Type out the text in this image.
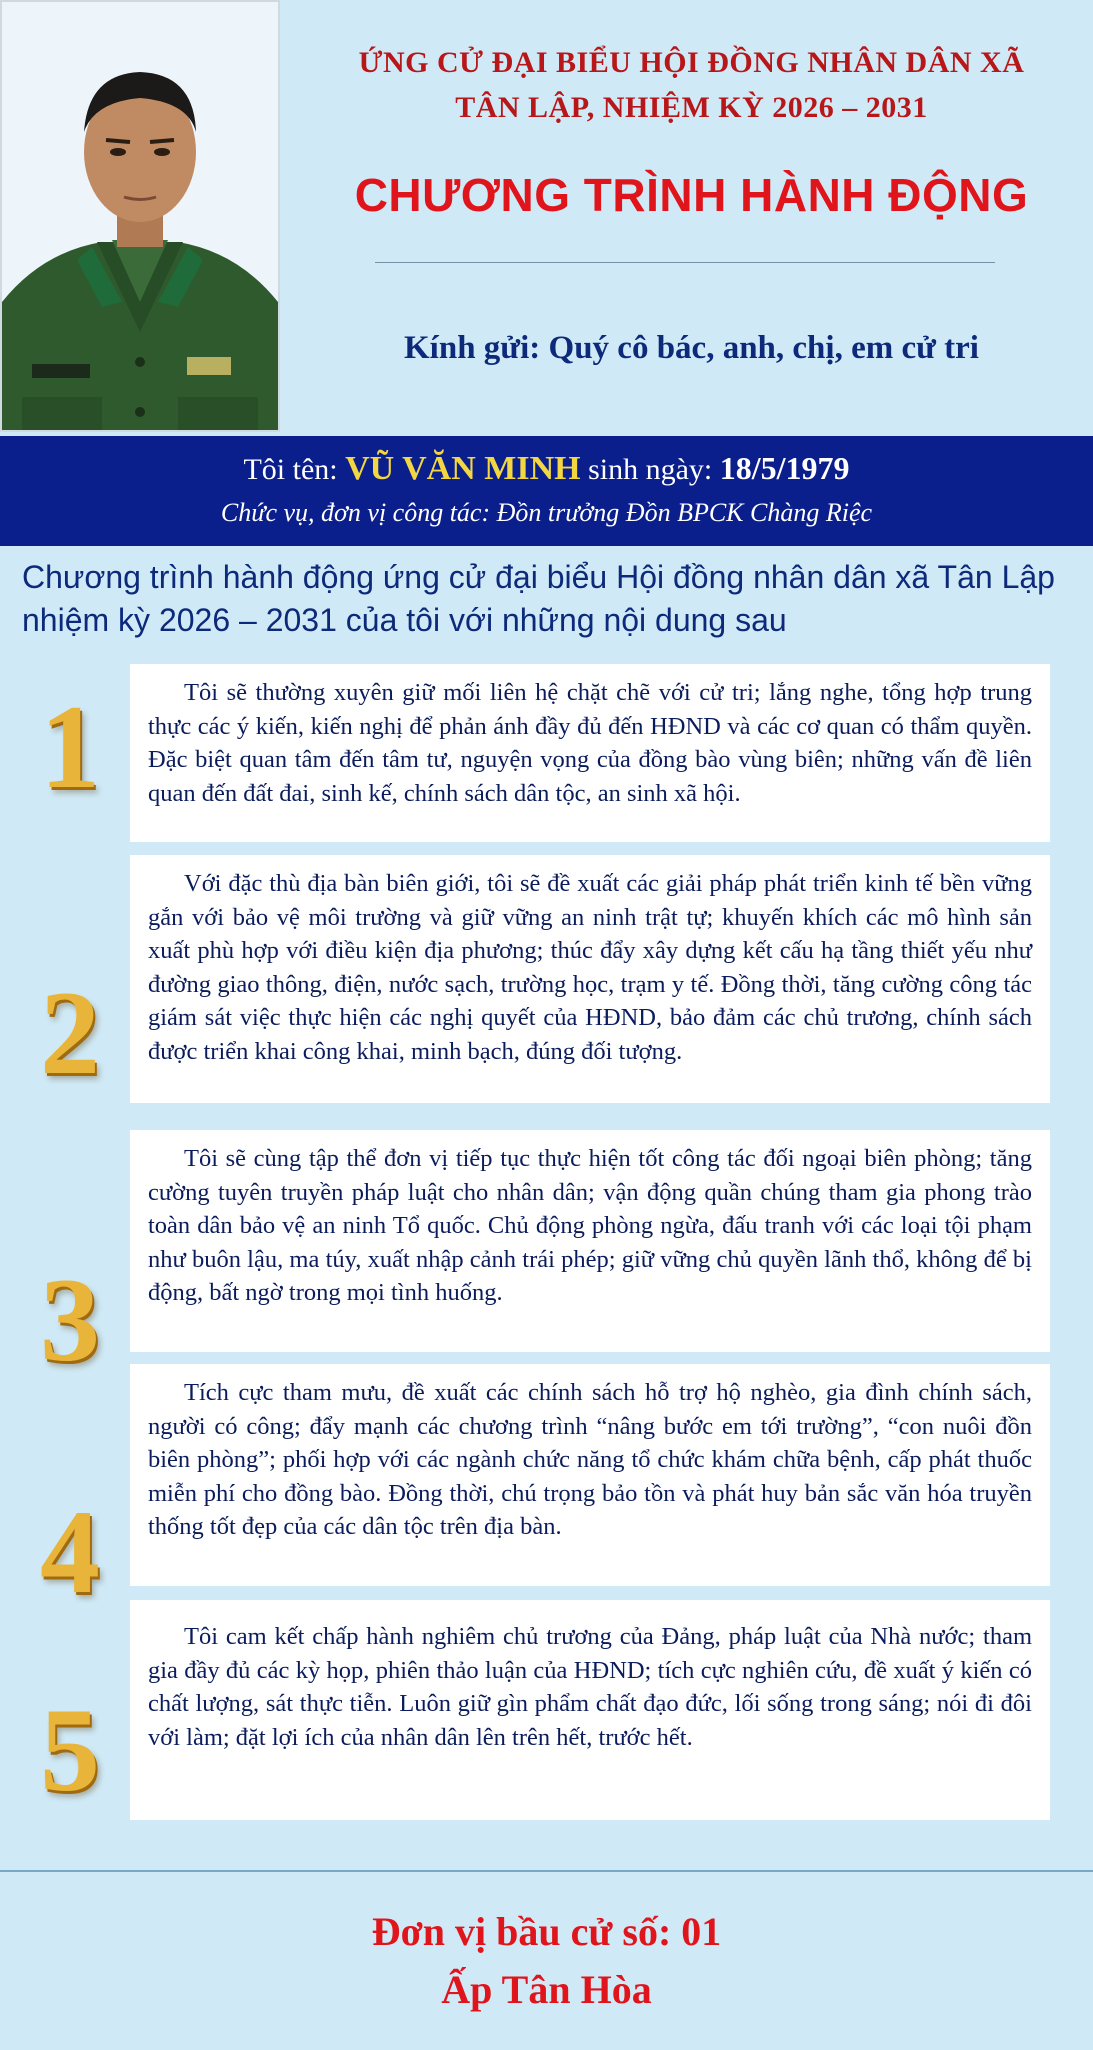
ỨNG CỬ ĐẠI BIỂU HỘI ĐỒNG NHÂN DÂN XÃ
TÂN LẬP, NHIỆM KỲ 2026 – 2031
CHƯƠNG TRÌNH HÀNH ĐỘNG
Kính gửi: Quý cô bác, anh, chị, em cử tri
Tôi tên: VŨ VĂN MINH sinh ngày: 18/5/1979
Chức vụ, đơn vị công tác: Đồn trưởng Đồn BPCK Chàng Riệc
Chương trình hành động ứng cử đại biểu Hội đồng nhân dân xã Tân Lập nhiệm kỳ 2026 – 2031 của tôi với những nội dung sau
1	Tôi sẽ thường xuyên giữ mối liên hệ chặt chẽ với cử tri; lắng nghe, tổng hợp trung thực các ý kiến, kiến nghị để phản ánh đầy đủ đến HĐND và các cơ quan có thẩm quyền. Đặc biệt quan tâm đến tâm tư, nguyện vọng của đồng bào vùng biên; những vấn đề liên quan đến đất đai, sinh kế, chính sách dân tộc, an sinh xã hội.

2

Với đặc thù địa bàn biên giới, tôi sẽ đề xuất các giải pháp phát triển kinh tế bền vững gắn với bảo vệ môi trường và giữ vững an ninh trật tự; khuyến khích các mô hình sản xuất phù hợp với điều kiện địa phương; thúc đẩy xây dựng kết cấu hạ tầng thiết yếu như đường giao thông, điện, nước sạch, trường học, trạm y tế. Đồng thời, tăng cường công tác giám sát việc thực hiện các nghị quyết của HĐND, bảo đảm các chủ trương, chính sách được triển khai công khai, minh bạch, đúng đối tượng.

3

Tôi sẽ cùng tập thể đơn vị tiếp tục thực hiện tốt công tác đối ngoại biên phòng; tăng cường tuyên truyền pháp luật cho nhân dân; vận động quần chúng tham gia phong trào toàn dân bảo vệ an ninh Tổ quốc. Chủ động phòng ngừa, đấu tranh với các loại tội phạm như buôn lậu, ma túy, xuất nhập cảnh trái phép; giữ vững chủ quyền lãnh thổ, không để bị động, bất ngờ trong mọi tình huống.

4

Tích cực tham mưu, đề xuất các chính sách hỗ trợ hộ nghèo, gia đình chính sách, người có công; đẩy mạnh các chương trình “nâng bước em tới trường”, “con nuôi đồn biên phòng”; phối hợp với các ngành chức năng tổ chức khám chữa bệnh, cấp phát thuốc miễn phí cho đồng bào. Đồng thời, chú trọng bảo tồn và phát huy bản sắc văn hóa truyền thống tốt đẹp của các dân tộc trên địa bàn.

5

Tôi cam kết chấp hành nghiêm chủ trương của Đảng, pháp luật của Nhà nước; tham gia đầy đủ các kỳ họp, phiên thảo luận của HĐND; tích cực nghiên cứu, đề xuất ý kiến có chất lượng, sát thực tiễn. Luôn giữ gìn phẩm chất đạo đức, lối sống trong sáng; nói đi đôi với làm; đặt lợi ích của nhân dân lên trên hết, trước hết.

Đơn vị bầu cử số: 01
Ấp Tân Hòa
